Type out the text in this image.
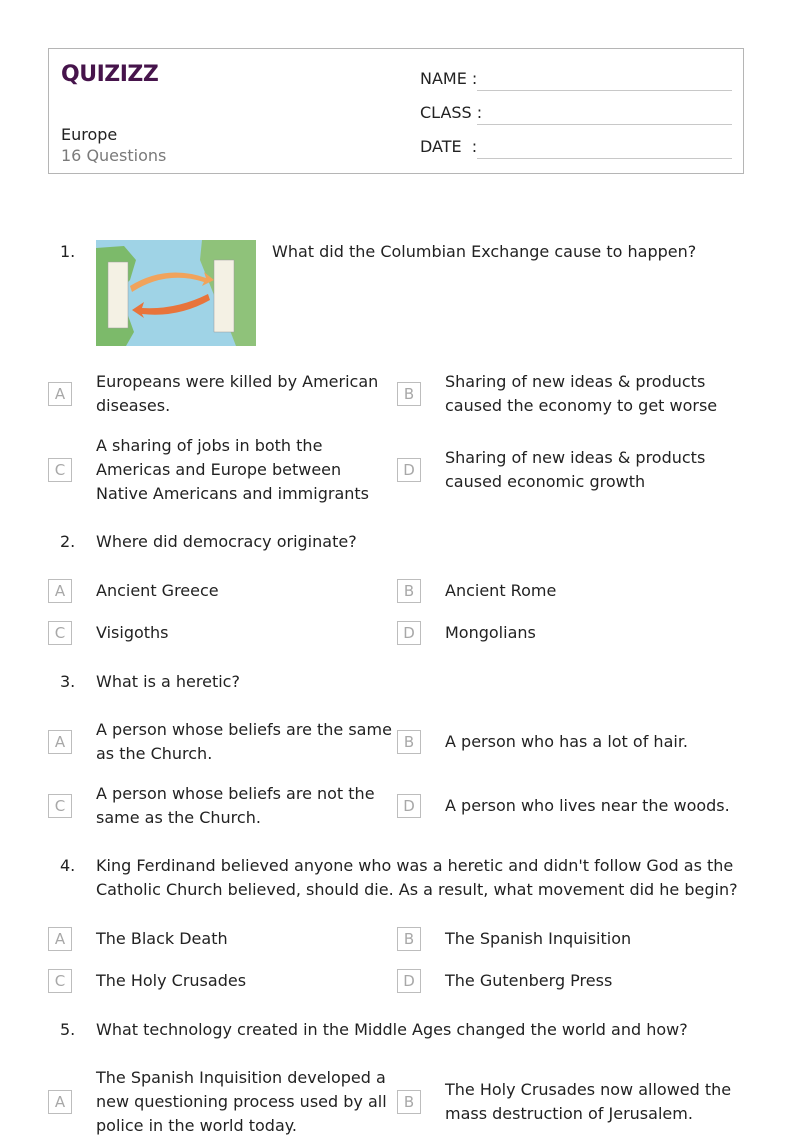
QUIZIZZ
Europe
16 Questions
NAME :
CLASS :
DATE  :
1.	What did the Columbian Exchange cause to happen?
A
Europeans were killed by American diseases.
B
Sharing of new ideas & products caused the economy to get worse
C
A sharing of jobs in both the Americas and Europe between Native Americans and immigrants
D
Sharing of new ideas & products caused economic growth
2. Where did democracy originate?
A	Ancient Greece	B	Ancient Rome
C	Visigoths	D	Mongolians
3. What is a heretic?
A
A person whose beliefs are the same as the Church.
B	A person who has a lot of hair.
C
A person whose beliefs are not the same as the Church.
D	A person who lives near the woods.
4. King Ferdinand believed anyone who was a heretic and didn't follow God as the Catholic Church believed, should die. As a result, what movement did he begin?
A	The Black Death	B	The Spanish Inquisition
C	The Holy Crusades	D	The Gutenberg Press
5. What technology created in the Middle Ages changed the world and how?
A
The Spanish Inquisition developed a new questioning process used by all police in the world today.
B
The Holy Crusades now allowed the mass destruction of Jerusalem.
